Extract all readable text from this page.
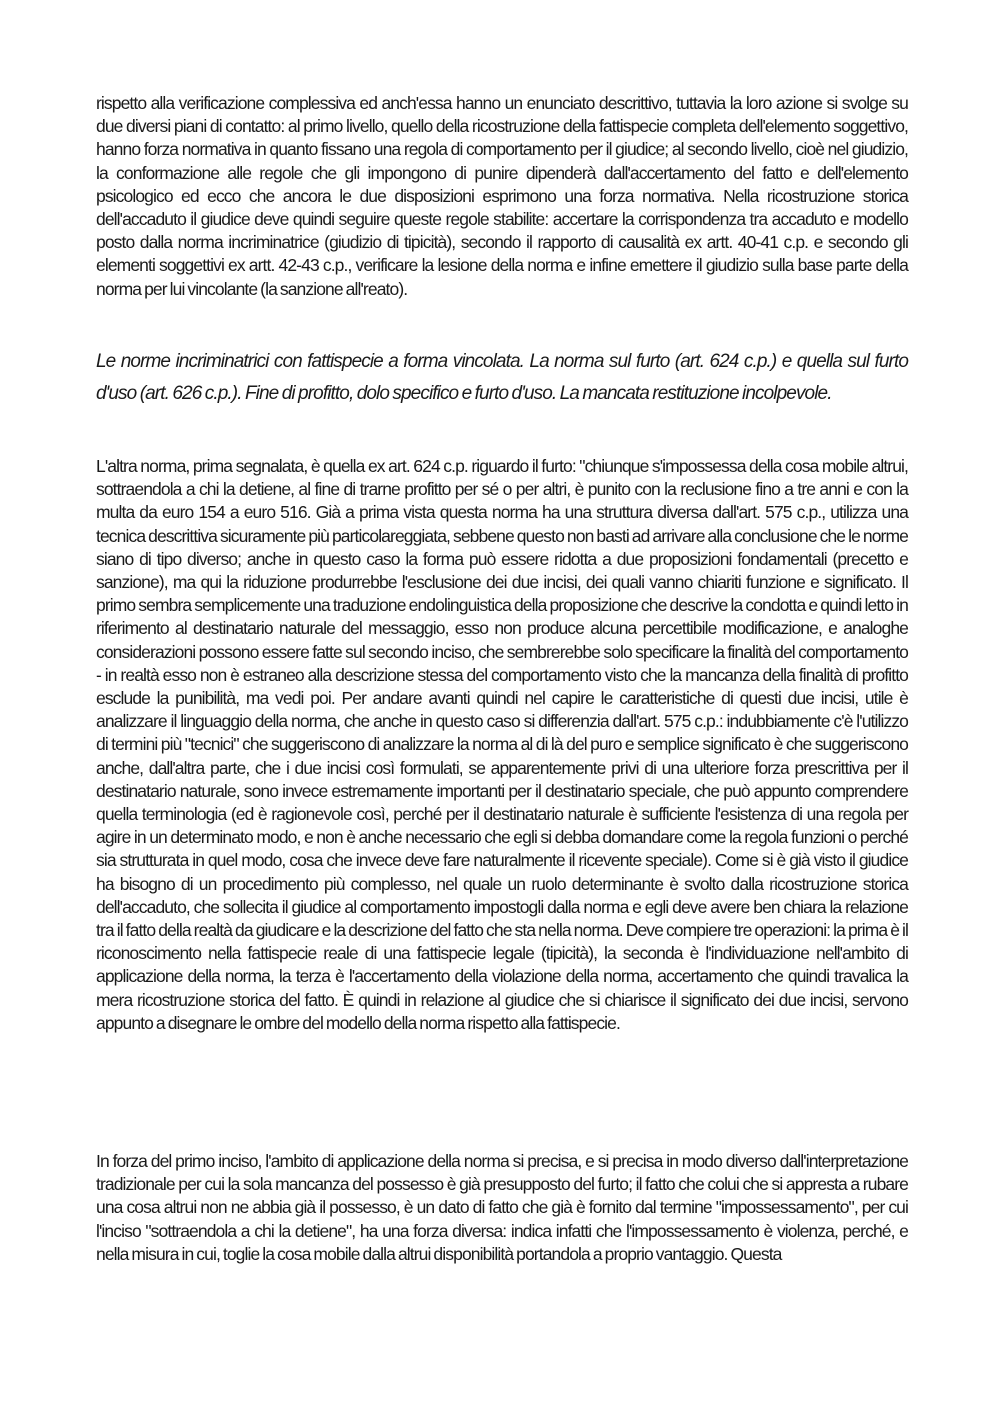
rispetto alla verificazione complessiva ed anch'essa hanno un enunciato descrittivo, tuttavia la loro azione si svolge su due diversi piani di contatto: al primo livello, quello della ricostruzione della fattispecie completa dell'elemento soggettivo, hanno forza normativa in quanto fissano una regola di comportamento per il giudice; al secondo livello, cioè nel giudizio, la conformazione alle regole che gli impongono di punire dipenderà dall'accertamento del fatto e dell'elemento psicologico ed ecco che ancora le due disposizioni esprimono una forza normativa. Nella ricostruzione storica dell'accaduto il giudice deve quindi seguire queste regole stabilite: accertare la corrispondenza tra accaduto e modello posto dalla norma incriminatrice (giudizio di tipicità), secondo il rapporto di causalità ex artt. 40-41 c.p. e secondo gli elementi soggettivi ex artt. 42-43 c.p., verificare la lesione della norma e infine emettere il giudizio sulla base parte della norma per lui vincolante (la sanzione all'reato).

Le norme incriminatrici con fattispecie a forma vincolata. La norma sul furto (art. 624 c.p.) e quella sul furto d'uso (art. 626 c.p.). Fine di profitto, dolo specifico e furto d'uso. La mancata restituzione incolpevole.

L'altra norma, prima segnalata, è quella ex art. 624 c.p. riguardo il furto: "chiunque s'impossessa della cosa mobile altrui, sottraendola a chi la detiene, al fine di trarne profitto per sé o per altri, è punito con la reclusione fino a tre anni e con la multa da euro 154 a euro 516. Già a prima vista questa norma ha una struttura diversa dall'art. 575 c.p., utilizza una tecnica descrittiva sicuramente più particolareggiata, sebbene questo non basti ad arrivare alla conclusione che le norme siano di tipo diverso; anche in questo caso la forma può essere ridotta a due proposizioni fondamentali (precetto e sanzione), ma qui la riduzione produrrebbe l'esclusione dei due incisi, dei quali vanno chiariti funzione e significato. Il primo sembra semplicemente una traduzione endolinguistica della proposizione che descrive la condotta e quindi letto in riferimento al destinatario naturale del messaggio, esso non produce alcuna percettibile modificazione, e analoghe considerazioni possono essere fatte sul secondo inciso, che sembrerebbe solo specificare la finalità del comportamento - in realtà esso non è estraneo alla descrizione stessa del comportamento visto che la mancanza della finalità di profitto esclude la punibilità, ma vedi poi. Per andare avanti quindi nel capire le caratteristiche di questi due incisi, utile è analizzare il linguaggio della norma, che anche in questo caso si differenzia dall'art. 575 c.p.: indubbiamente c'è l'utilizzo di termini più "tecnici" che suggeriscono di analizzare la norma al di là del puro e semplice significato è che suggeriscono anche, dall'altra parte, che i due incisi così formulati, se apparentemente privi di una ulteriore forza prescrittiva per il destinatario naturale, sono invece estremamente importanti per il destinatario speciale, che può appunto comprendere quella terminologia (ed è ragionevole così, perché per il destinatario naturale è sufficiente l'esistenza di una regola per agire in un determinato modo, e non è anche necessario che egli si debba domandare come la regola funzioni o perché sia strutturata in quel modo, cosa che invece deve fare naturalmente il ricevente speciale). Come si è già visto il giudice ha bisogno di un procedimento più complesso, nel quale un ruolo determinante è svolto dalla ricostruzione storica dell'accaduto, che sollecita il giudice al comportamento impostogli dalla norma e egli deve avere ben chiara la relazione tra il fatto della realtà da giudicare e la descrizione del fatto che sta nella norma. Deve compiere tre operazioni: la prima è il riconoscimento nella fattispecie reale di una fattispecie legale (tipicità), la seconda è l'individuazione nell'ambito di applicazione della norma, la terza è l'accertamento della violazione della norma, accertamento che quindi travalica la mera ricostruzione storica del fatto. È quindi in relazione al giudice che si chiarisce il significato dei due incisi, servono appunto a disegnare le ombre del modello della norma rispetto alla fattispecie.

In forza del primo inciso, l'ambito di applicazione della norma si precisa, e si precisa in modo diverso dall'interpretazione tradizionale per cui la sola mancanza del possesso è già presupposto del furto; il fatto che colui che si appresta a rubare una cosa altrui non ne abbia già il possesso, è un dato di fatto che già è fornito dal termine "impossessamento", per cui l'inciso "sottraendola a chi la detiene", ha una forza diversa: indica infatti che l'impossessamento è violenza, perché, e nella misura in cui, toglie la cosa mobile dalla altrui disponibilità portandola a proprio vantaggio. Questa
